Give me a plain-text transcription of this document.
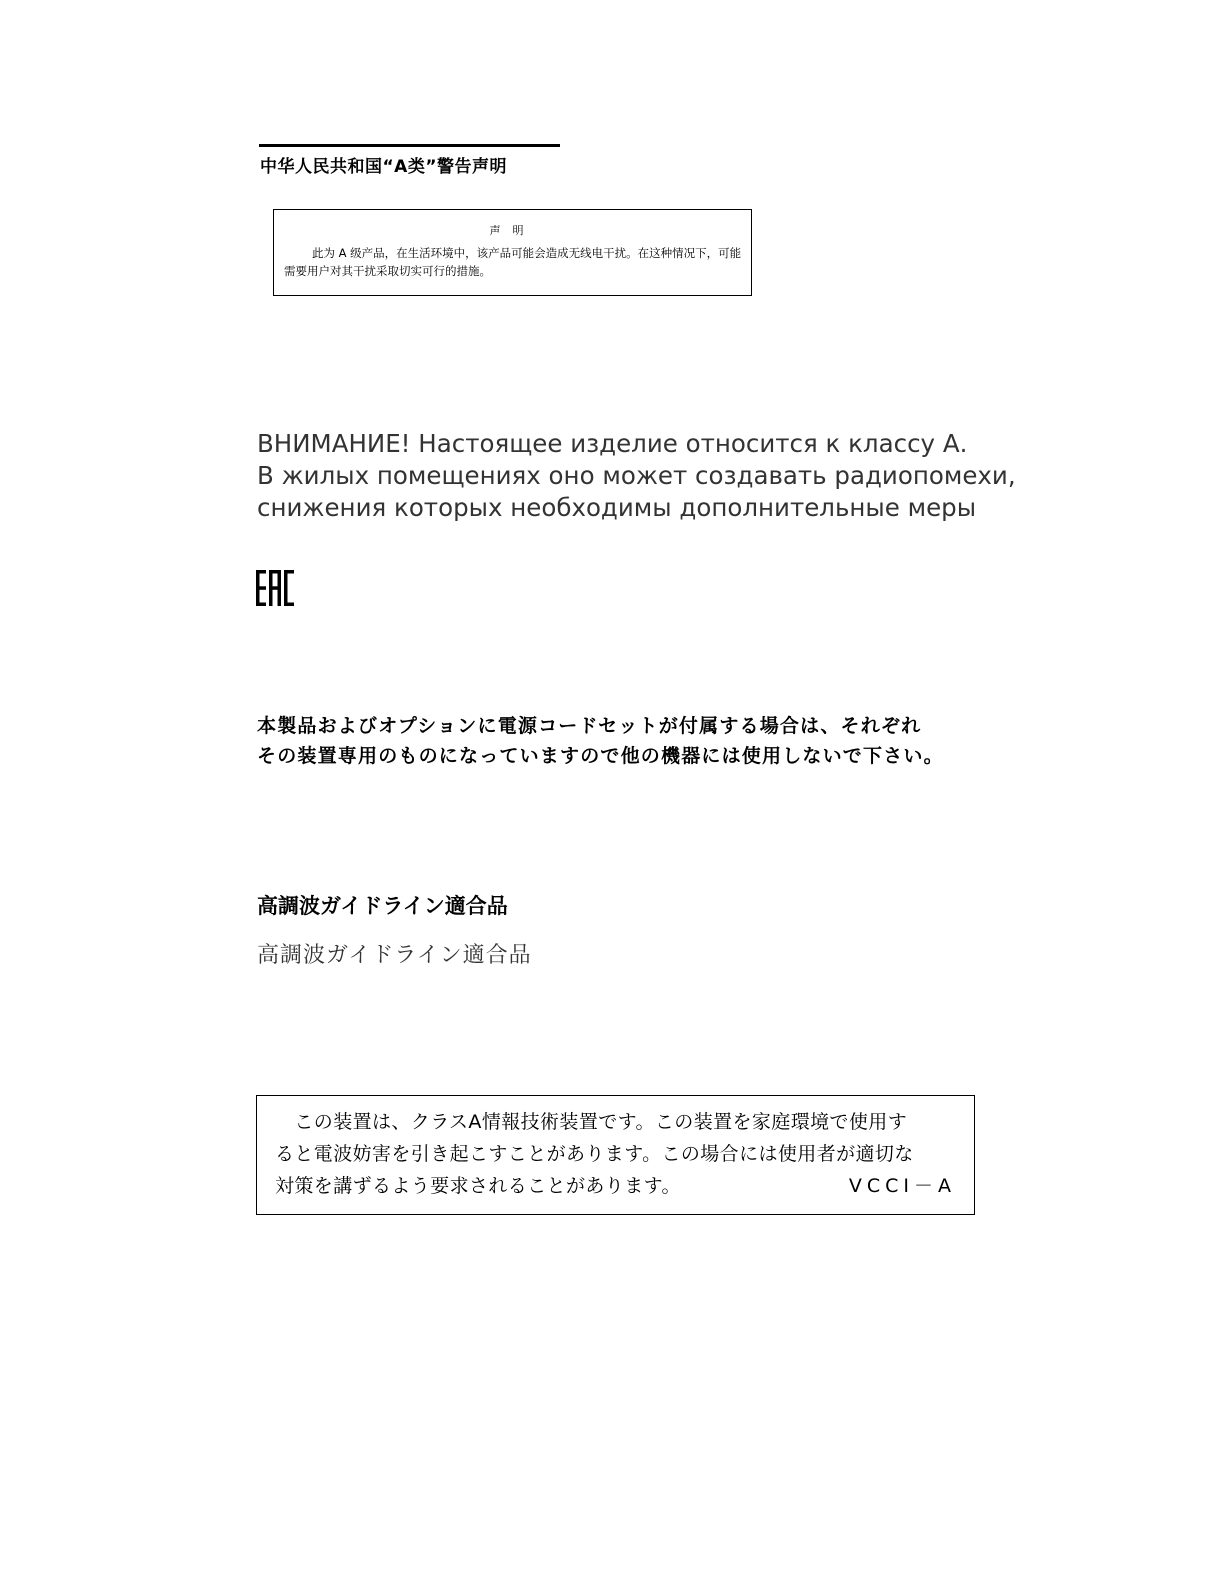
中华人民共和国“A类”警告声明
声明
此为 A 级产品，在生活环境中，该产品可能会造成无线电干扰。在这种情况下，可能需要用户对其干扰采取切实可行的措施。
ВНИМАНИЕ! Настоящее изделие относится к классу А.
В жилых помещениях оно может создавать радиопомехи,
снижения которых необходимы дополнительные меры
本製品およびオプションに電源コードセットが付属する場合は、それぞれ
その装置専用のものになっていますので他の機器には使用しないで下さい。
高調波ガイドライン適合品
高調波ガイドライン適合品
　この装置は、クラスA情報技術装置です。この装置を家庭環境で使用す
ると電波妨害を引き起こすことがあります。この場合には使用者が適切な
対策を講ずるよう要求されることがあります。	VCCI－A
